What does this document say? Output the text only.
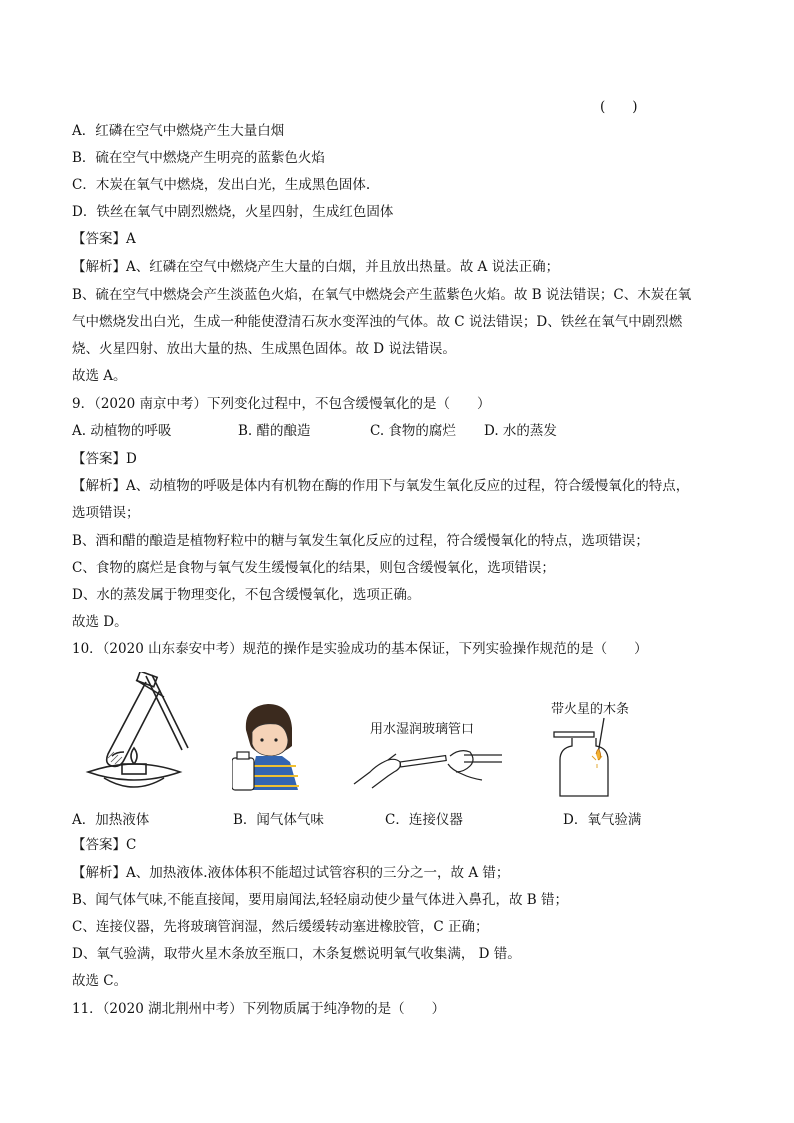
(　　)
A．红磷在空气中燃烧产生大量白烟
B．硫在空气中燃烧产生明亮的蓝紫色火焰
C．木炭在氧气中燃烧，发出白光，生成黑色固体.
D．铁丝在氧气中剧烈燃烧，火星四射，生成红色固体
【答案】A
【解析】A、红磷在空气中燃烧产生大量的白烟，并且放出热量。故 A 说法正确；
B、硫在空气中燃烧会产生淡蓝色火焰，在氧气中燃烧会产生蓝紫色火焰。故 B 说法错误；C、木炭在氧
气中燃烧发出白光，生成一种能使澄清石灰水变浑浊的气体。故 C 说法错误；D、铁丝在氧气中剧烈燃
烧、火星四射、放出大量的热、生成黑色固体。故 D 说法错误。
故选 A。
9．（2020 南京中考）下列变化过程中，不包含缓慢氧化的是（　　）
A. 动植物的呼吸	B. 醋的酿造	C. 食物的腐烂 D. 水的蒸发
【答案】D
【解析】A、动植物的呼吸是体内有机物在酶的作用下与氧发生氧化反应的过程，符合缓慢氧化的特点，
选项错误；
B、酒和醋的酿造是植物籽粒中的糖与氧发生氧化反应的过程，符合缓慢氧化的特点，选项错误；
C、食物的腐烂是食物与氧气发生缓慢氧化的结果，则包含缓慢氧化，选项错误；
D、水的蒸发属于物理变化，不包含缓慢氧化，选项正确。
故选 D。
10．（2020 山东泰安中考）规范的操作是实验成功的基本保证，下列实验操作规范的是（　　）
用水湿润玻璃管口
带火星的木条
A．加热液体	B．闻气体气味	C．连接仪器	D．氧气验满
【答案】C
【解析】A、加热液体.液体体积不能超过试管容积的三分之一，故 A 错；
B、闻气体气味,不能直接闻，要用扇闻法,轻轻扇动使少量气体进入鼻孔，故 B 错；
C、连接仪器，先将玻璃管润湿，然后缓缓转动塞进橡胶管，C 正确；
D、氧气验满，取带火星木条放至瓶口，木条复燃说明氧气收集满， D 错。
故选 C。
11．（2020 湖北荆州中考）下列物质属于纯净物的是（　　）
